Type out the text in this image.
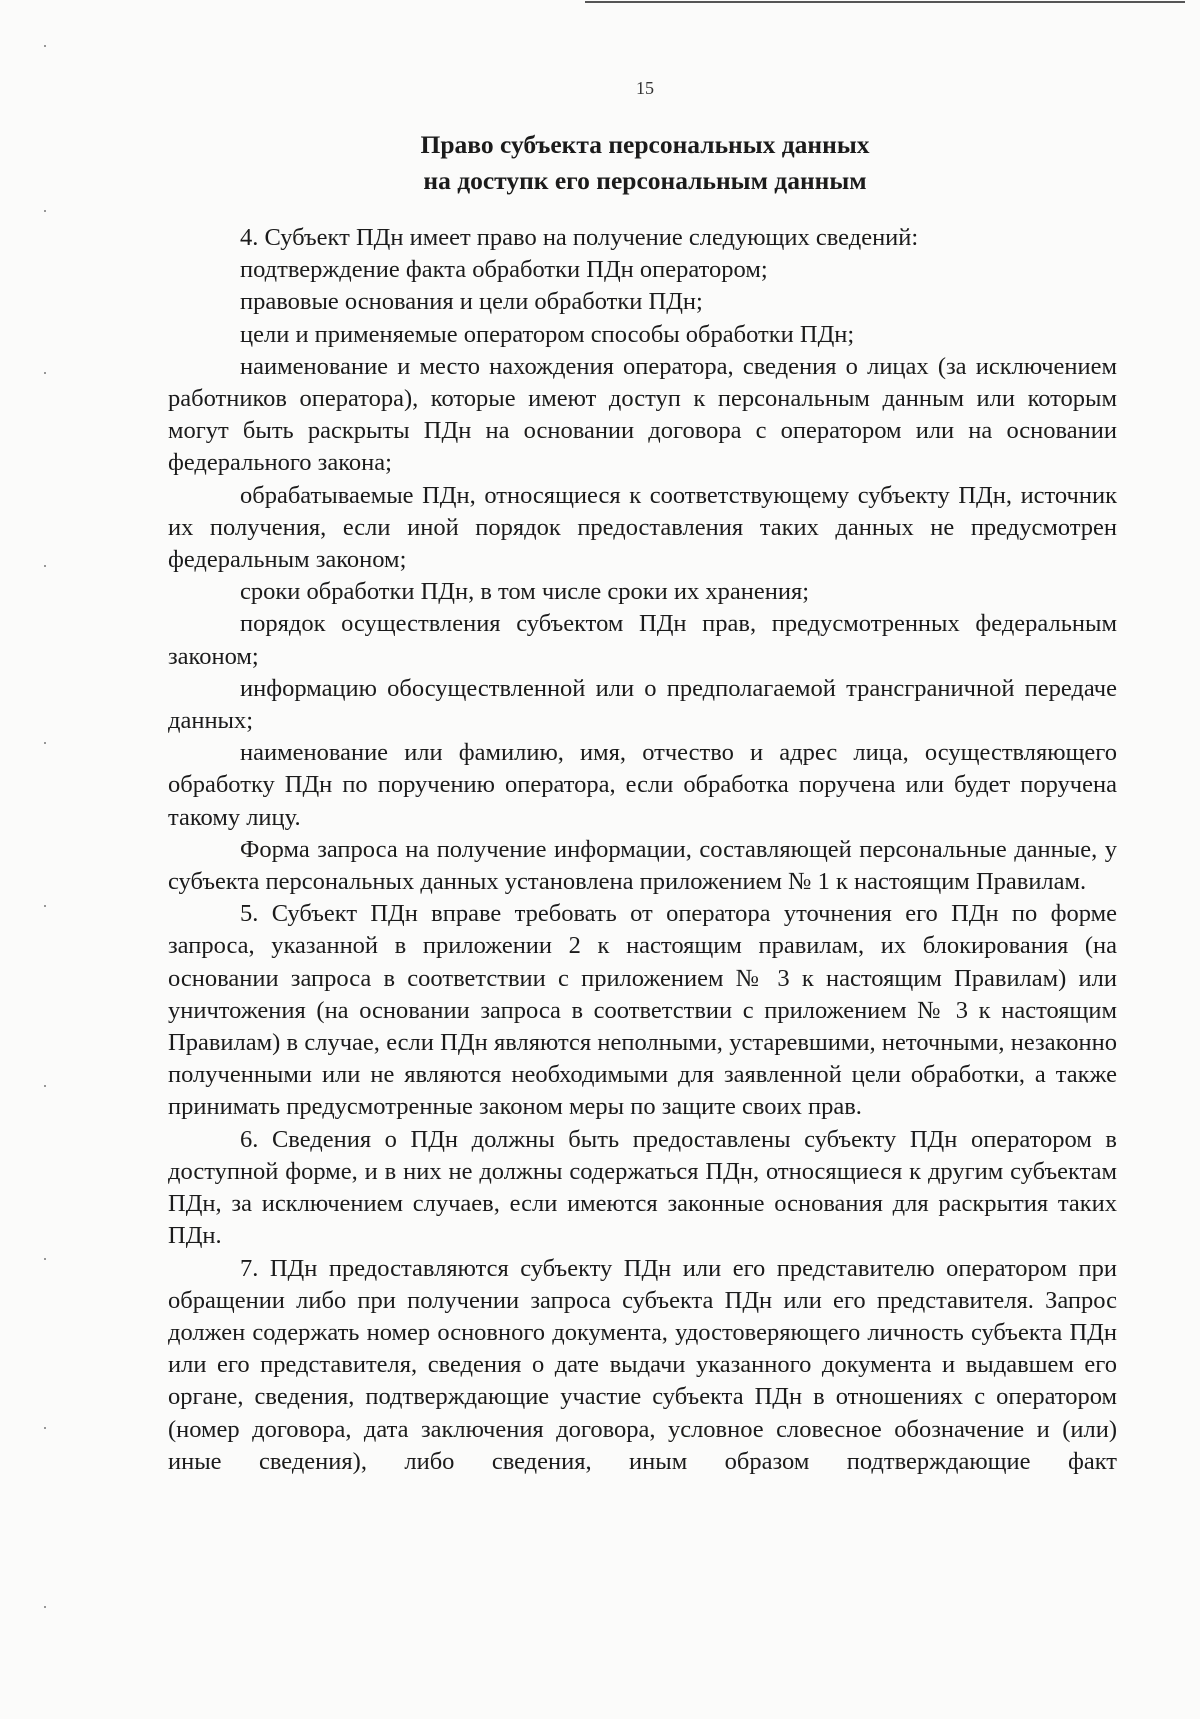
15
Право субъекта персональных данных
на доступк его персональным данным

4. Субъект ПДн имеет право на получение следующих сведений:

подтверждение факта обработки ПДн оператором;

правовые основания и цели обработки ПДн;

цели и применяемые оператором способы обработки ПДн;

наименование и место нахождения оператора, сведения о лицах (за исключением работников оператора), которые имеют доступ к персональным данным или которым могут быть раскрыты ПДн на основании договора с оператором или на основании федерального закона;

обрабатываемые ПДн, относящиеся к соответствующему субъекту ПДн, источник их получения, если иной порядок предоставления таких данных не предусмотрен федеральным законом;

сроки обработки ПДн, в том числе сроки их хранения;

порядок осуществления субъектом ПДн прав, предусмотренных федеральным законом;

информацию обосуществленной или о предполагаемой трансграничной передаче данных;

наименование или фамилию, имя, отчество и адрес лица, осуществляющего обработку ПДн по поручению оператора, если обработка поручена или будет поручена такому лицу.

Форма запроса на получение информации, составляющей персональные данные, у субъекта персональных данных установлена приложением № 1 к настоящим Правилам.

5. Субъект ПДн вправе требовать от оператора уточнения его ПДн по форме запроса, указанной в приложении 2 к настоящим правилам, их блокирования (на основании запроса в соответствии с приложением № 3 к настоящим Правилам) или уничтожения (на основании запроса в соответствии с приложением № 3 к настоящим Правилам) в случае, если ПДн являются неполными, устаревшими, неточными, незаконно полученными или не являются необходимыми для заявленной цели обработки, а также принимать предусмотренные законом меры по защите своих прав.

6. Сведения о ПДн должны быть предоставлены субъекту ПДн оператором в доступной форме, и в них не должны содержаться ПДн, относящиеся к другим субъектам ПДн, за исключением случаев, если имеются законные основания для раскрытия таких ПДн.

7. ПДн предоставляются субъекту ПДн или его представителю оператором при обращении либо при получении запроса субъекта ПДн или его представителя. Запрос должен содержать номер основного документа, удостоверяющего личность субъекта ПДн или его представителя, сведения о дате выдачи указанного документа и выдавшем его органе, сведения, подтверждающие участие субъекта ПДн в отношениях с оператором (номер договора, дата заключения договора, условное словесное обозначение и (или) иные сведения), либо сведения, иным образом подтверждающие факт
